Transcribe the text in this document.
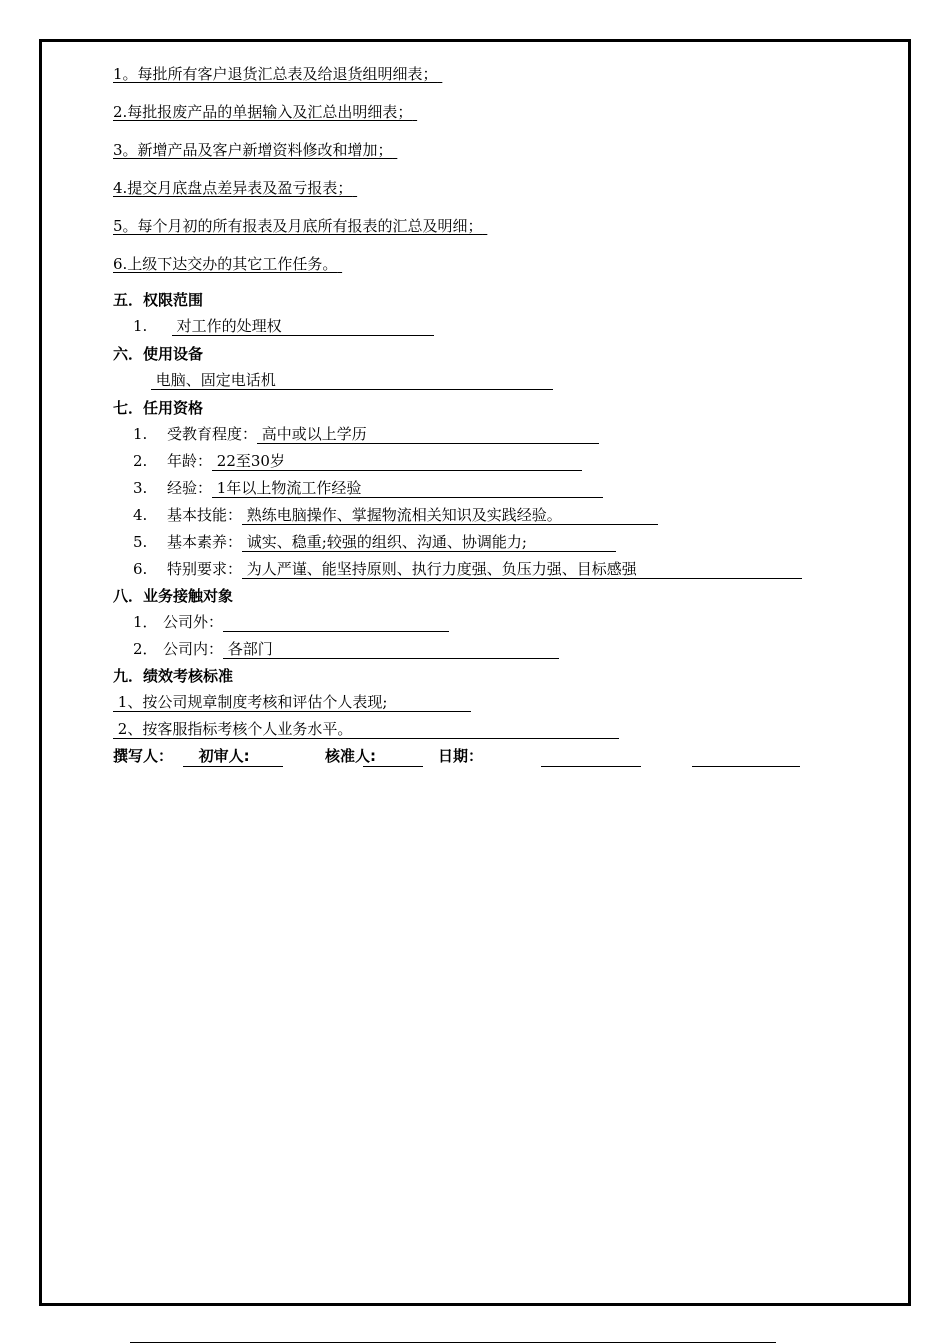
1。每批所有客户退货汇总表及给退货组明细表；
2.每批报废产品的单据输入及汇总出明细表；
3。新增产品及客户新增资料修改和增加；
4.提交月底盘点差异表及盈亏报表；
5。每个月初的所有报表及月底所有报表的汇总及明细；
6.上级下达交办的其它工作任务。
五．权限范围
1. 对工作的处理权
六．使用设备
电脑、固定电话机
七．任用资格
1. 受教育程度： 高中或以上学历
2. 年龄： 22至30岁
3. 经验： 1年以上物流工作经验
4. 基本技能： 熟练电脑操作、掌握物流相关知识及实践经验。
5. 基本素养： 诚实、稳重;较强的组织、沟通、协调能力;
6. 特别要求： 为人严谨、能坚持原则、执行力度强、负压力强、目标感强
八．业务接触对象
1． 公司外：
2． 公司内： 各部门
九．绩效考核标准
1、按公司规章制度考核和评估个人表现;
2、按客服指标考核个人业务水平。
撰写人：
初审人:	核准人:	日期：
